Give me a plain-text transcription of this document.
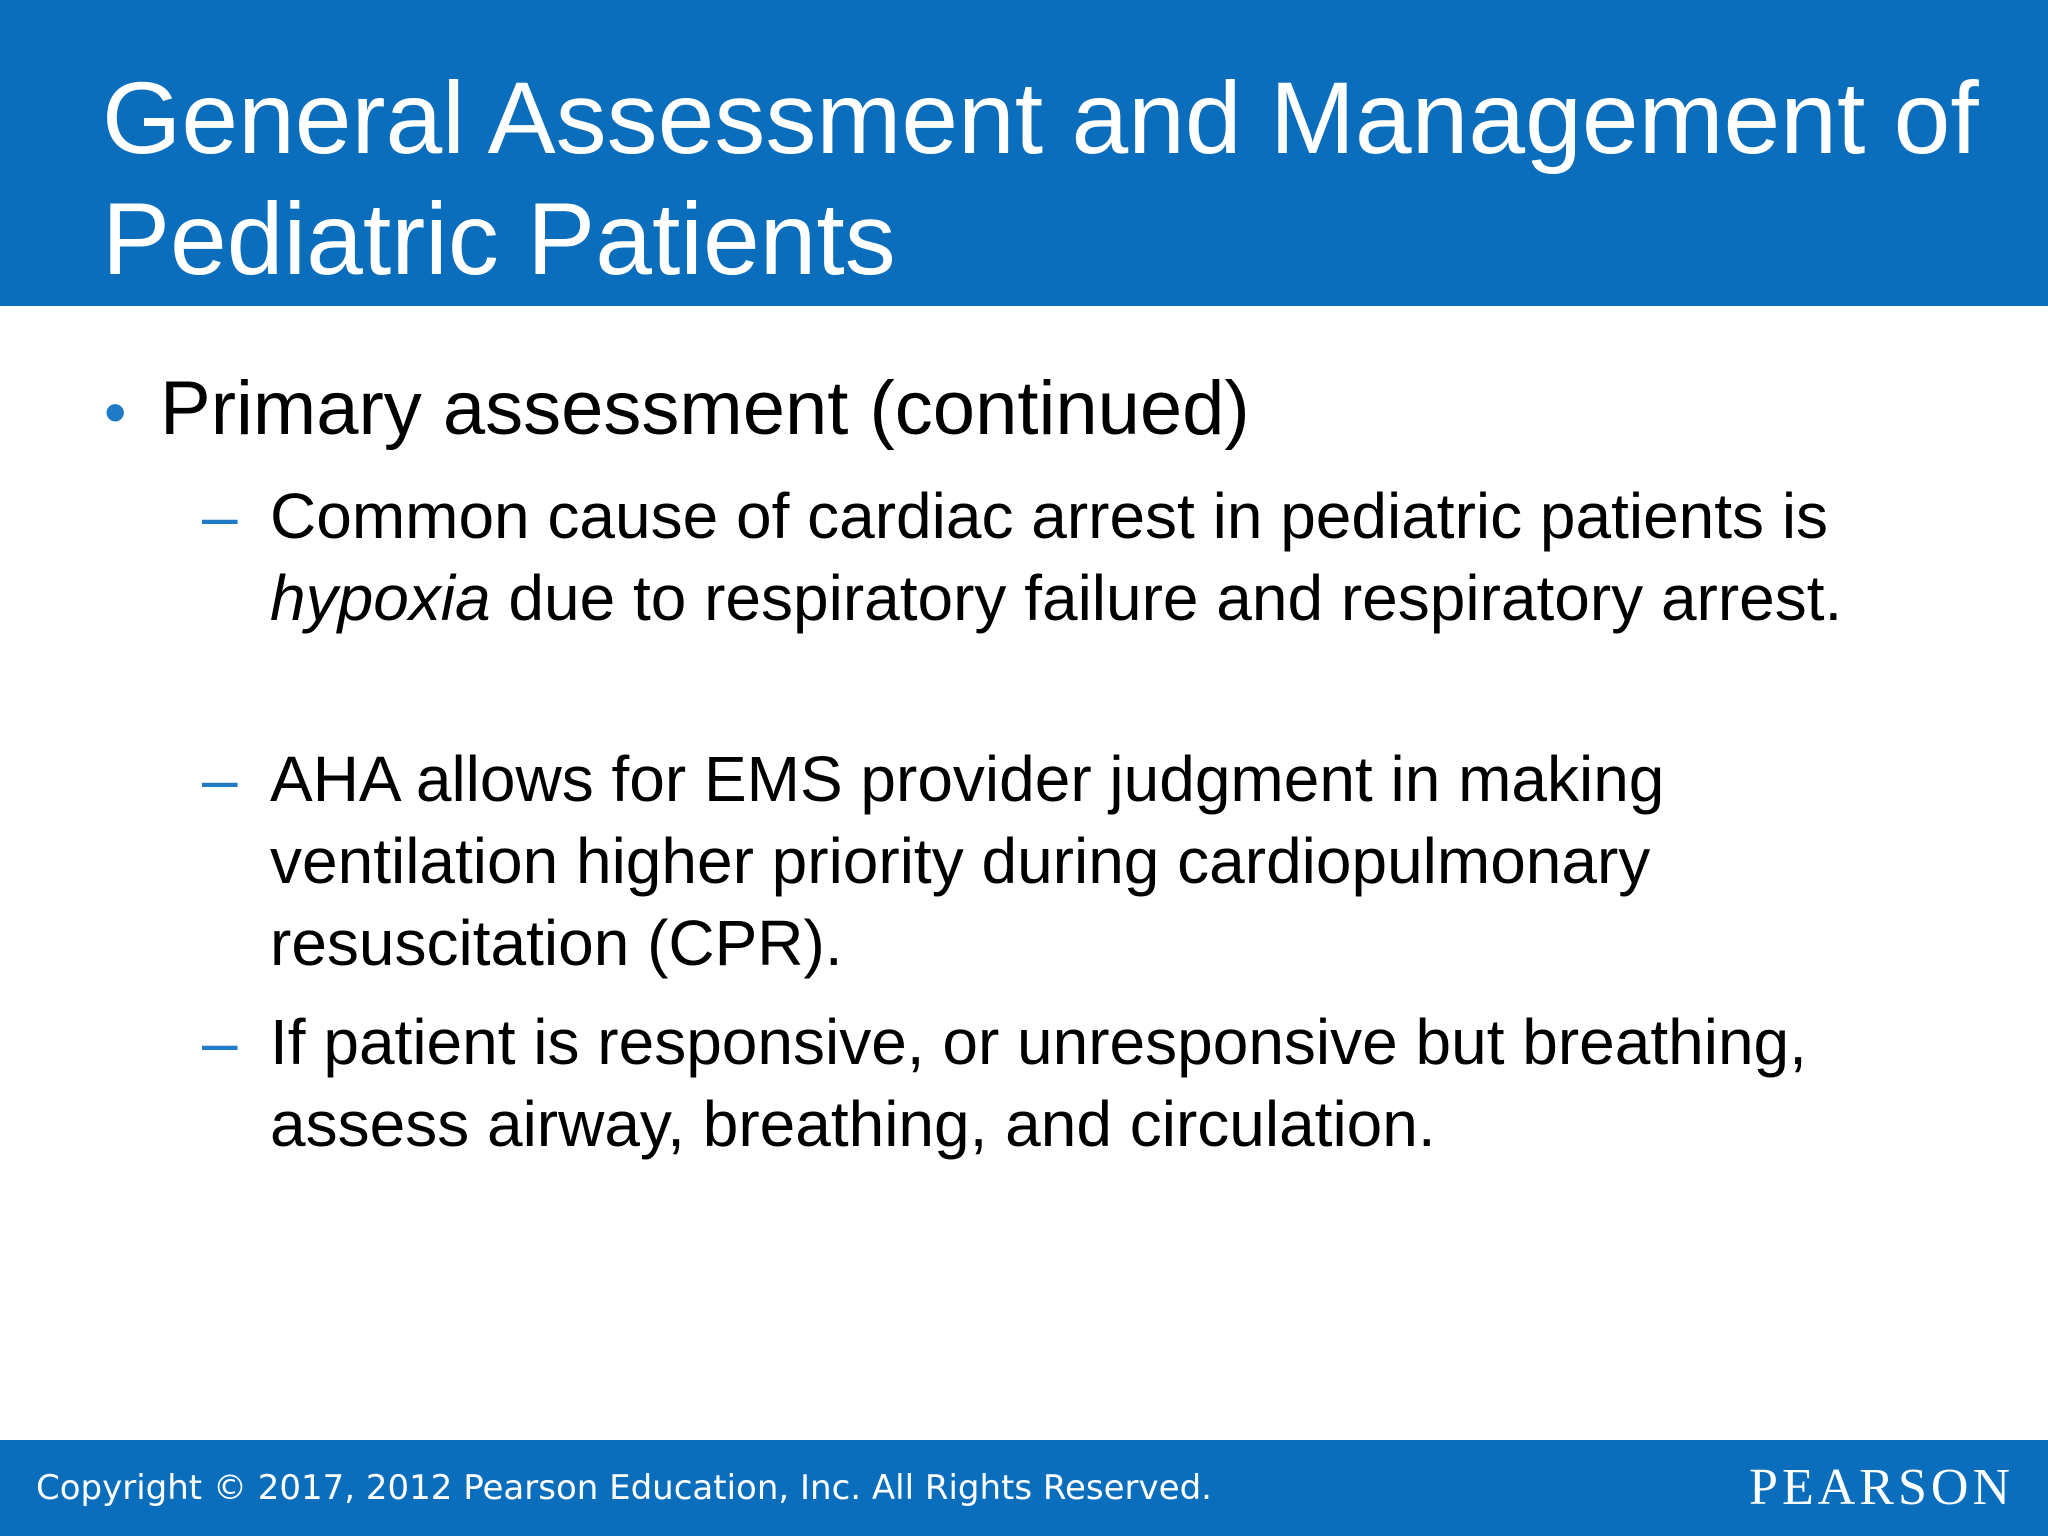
General Assessment and Management of Pediatric Patients
• Primary assessment (continued)
– Common cause of cardiac arrest in pediatric patients is hypoxia due to respiratory failure and respiratory arrest.
– AHA allows for EMS provider judgment in making ventilation higher priority during cardiopulmonary resuscitation (CPR).
– If patient is responsive, or unresponsive but breathing, assess airway, breathing, and circulation.
Copyright © 2017, 2012 Pearson Education, Inc. All Rights Reserved.	PEARSON
